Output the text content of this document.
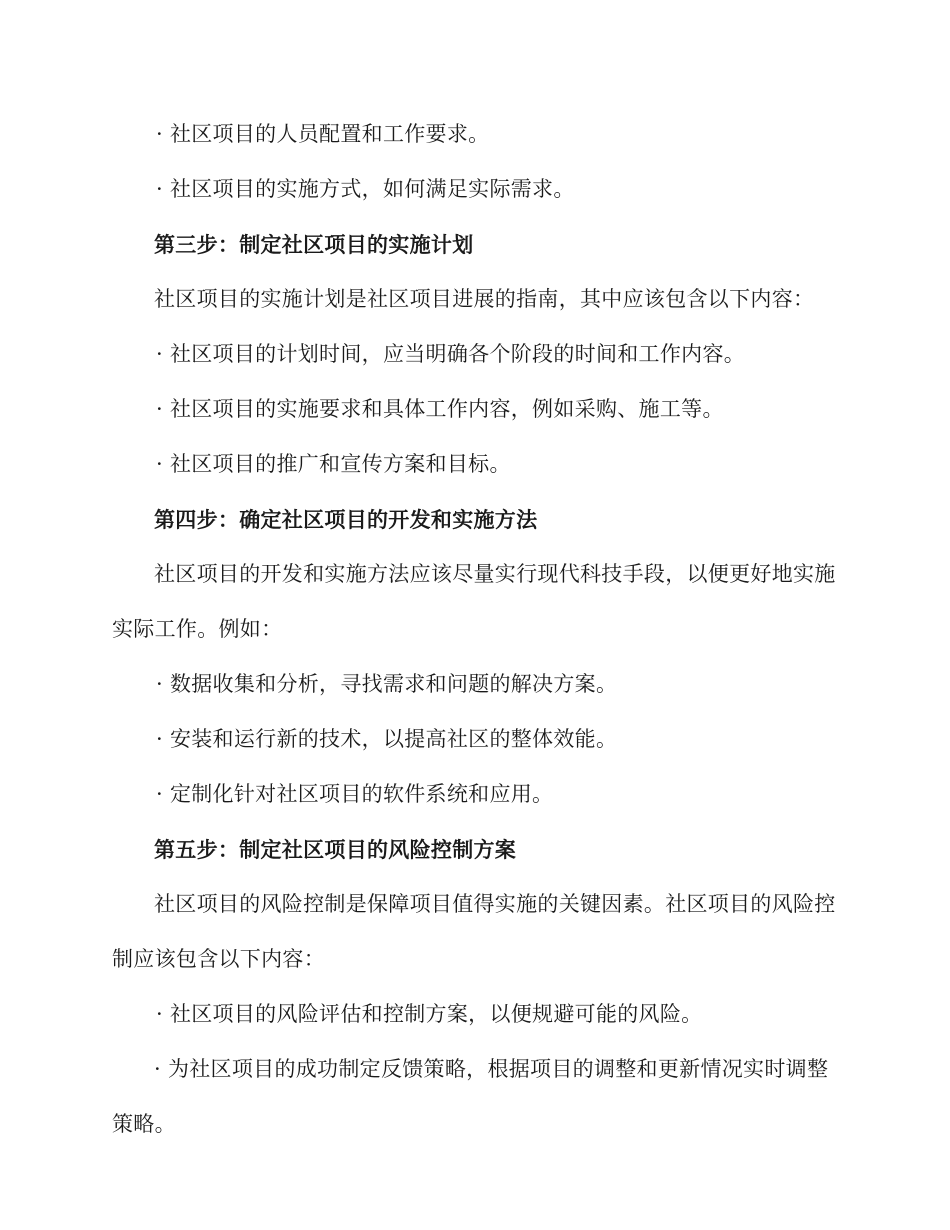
· 社区项目的人员配置和工作要求。

· 社区项目的实施方式，如何满足实际需求。

第三步：制定社区项目的实施计划

社区项目的实施计划是社区项目进展的指南，其中应该包含以下内容：

· 社区项目的计划时间，应当明确各个阶段的时间和工作内容。

· 社区项目的实施要求和具体工作内容，例如采购、施工等。

· 社区项目的推广和宣传方案和目标。

第四步：确定社区项目的开发和实施方法

社区项目的开发和实施方法应该尽量实行现代科技手段，以便更好地实施实际工作。例如：

· 数据收集和分析，寻找需求和问题的解决方案。

· 安装和运行新的技术，以提高社区的整体效能。

· 定制化针对社区项目的软件系统和应用。

第五步：制定社区项目的风险控制方案

社区项目的风险控制是保障项目值得实施的关键因素。社区项目的风险控制应该包含以下内容：

· 社区项目的风险评估和控制方案，以便规避可能的风险。

· 为社区项目的成功制定反馈策略，根据项目的调整和更新情况实时调整策略。
